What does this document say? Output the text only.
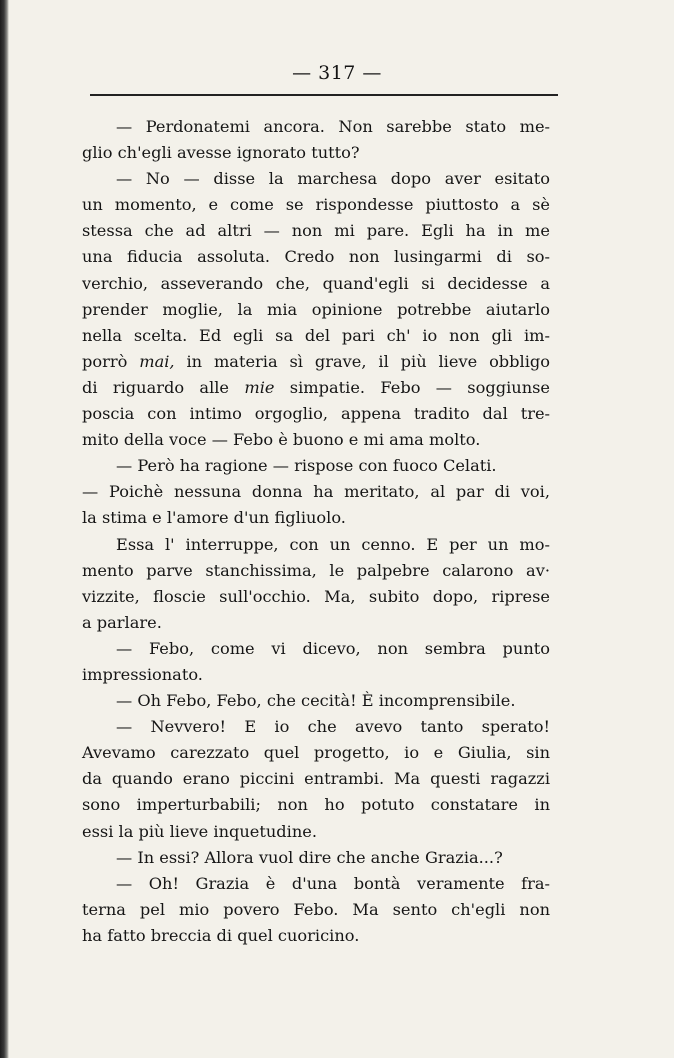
— 317 —
— Perdonatemi ancora. Non sarebbe stato me-
glio ch'egli avesse ignorato tutto?
— No — disse la marchesa dopo aver esitato
un momento, e come se rispondesse piuttosto a sè
stessa che ad altri — non mi pare. Egli ha in me
una fiducia assoluta. Credo non lusingarmi di so-
verchio, asseverando che, quand'egli si decidesse a
prender moglie, la mia opinione potrebbe aiutarlo
nella scelta. Ed egli sa del pari ch' io non gli im-
porrò mai, in materia sì grave, il più lieve obbligo
di riguardo alle mie simpatie. Febo — soggiunse
poscia con intimo orgoglio, appena tradito dal tre-
mito della voce — Febo è buono e mi ama molto.
— Però ha ragione — rispose con fuoco Celati.
— Poichè nessuna donna ha meritato, al par di voi,
la stima e l'amore d'un figliuolo.
Essa l' interruppe, con un cenno. E per un mo-
mento parve stanchissima, le palpebre calarono av·
vizzite, floscie sull'occhio. Ma, subito dopo, riprese
a parlare.
— Febo, come vi dicevo, non sembra punto
impressionato.
— Oh Febo, Febo, che cecità! È incomprensibile.
— Nevvero! E io che avevo tanto sperato!
Avevamo carezzato quel progetto, io e Giulia, sin
da quando erano piccini entrambi. Ma questi ragazzi
sono imperturbabili; non ho potuto constatare in
essi la più lieve inquetudine.
— In essi? Allora vuol dire che anche Grazia...?
— Oh! Grazia è d'una bontà veramente fra-
terna pel mio povero Febo. Ma sento ch'egli non
ha fatto breccia di quel cuoricino.
